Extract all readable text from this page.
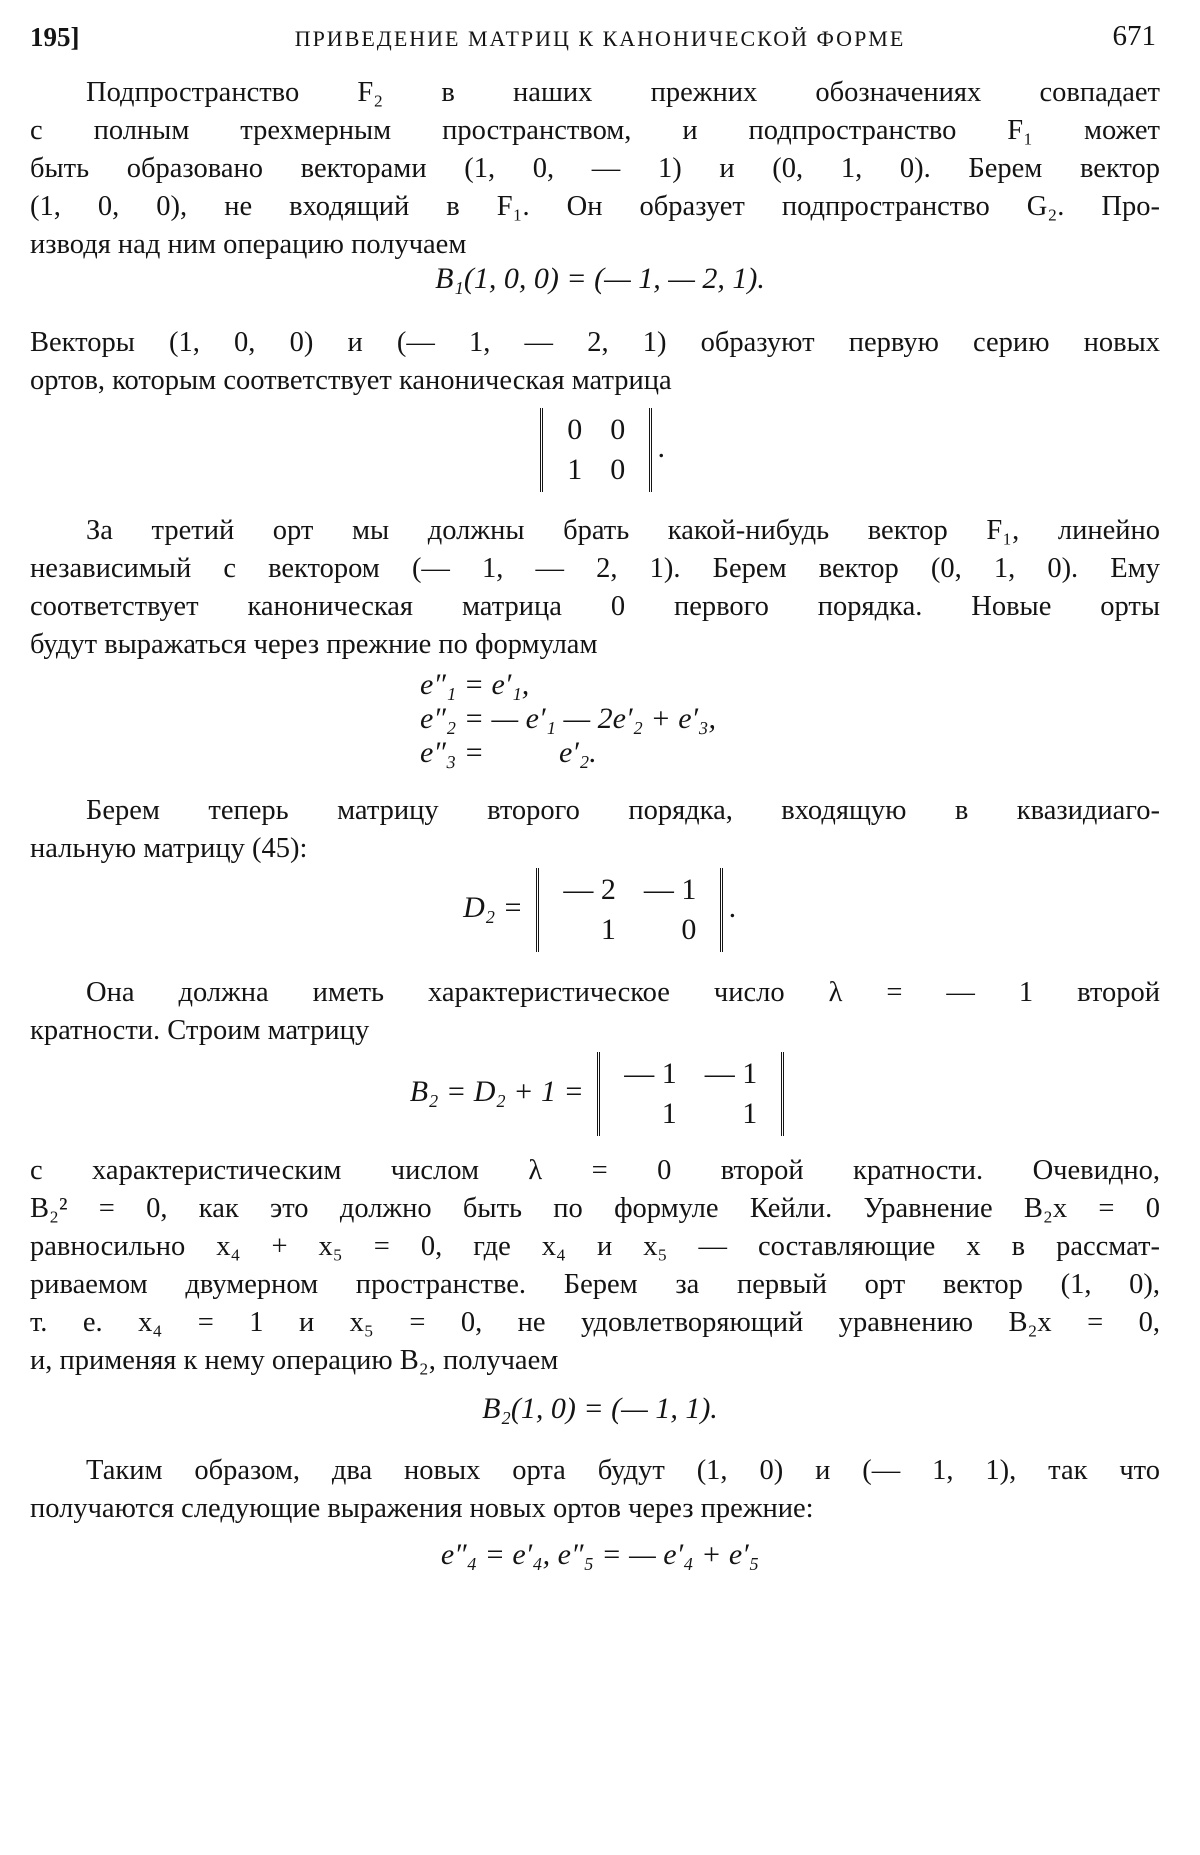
195]	ПРИВЕДЕНИЕ МАТРИЦ К КАНОНИЧЕСКОЙ ФОРМЕ	671
Подпространство F₂ в наших прежних обозначениях совпадает
с полным трехмерным пространством, и подпространство F₁ может
быть образовано векторами (1, 0, — 1) и (0, 1, 0). Берем вектор
(1, 0, 0), не входящий в F₁. Он образует подпространство G₂. Про-
изводя над ним операцию получаем
B₁(1, 0, 0) = (— 1, — 2, 1).
Векторы (1, 0, 0) и (— 1, — 2, 1) образуют первую серию новых
ортов, которым соответствует каноническая матрица
0	0
1	0
.
За третий орт мы должны брать какой-нибудь вектор F₁, линейно
независимый с вектором (— 1, — 2, 1). Берем вектор (0, 1, 0). Ему
соответствует каноническая матрица 0 первого порядка. Новые орты
будут выражаться через прежние по формулам
e″₁ = e′₁,
e″₂ = — e′₁ — 2e′₂ + e′₃,
e″₃ =          e′₂.
Берем теперь матрицу второго порядка, входящую в квазидиаго-
нальную матрицу (45):
D₂ =
— 2	— 1
1	0
.
Она должна иметь характеристическое число λ = — 1 второй
кратности. Строим матрицу
B₂ = D₂ + 1 =
— 1	— 1
1	1
с характеристическим числом λ = 0 второй кратности. Очевидно,
B₂² = 0, как это должно быть по формуле Кейли. Уравнение B₂x = 0
равносильно x₄ + x₅ = 0, где x₄ и x₅ — составляющие x в рассмат-
риваемом двумерном пространстве. Берем за первый орт вектор (1, 0),
т. е. x₄ = 1 и x₅ = 0, не удовлетворяющий уравнению B₂x = 0,
и, применяя к нему операцию B₂, получаем
B₂(1, 0) = (— 1, 1).
Таким образом, два новых орта будут (1, 0) и (— 1, 1), так что
получаются следующие выражения новых ортов через прежние:
e″₄ = e′₄, e″₅ = — e′₄ + e′₅
